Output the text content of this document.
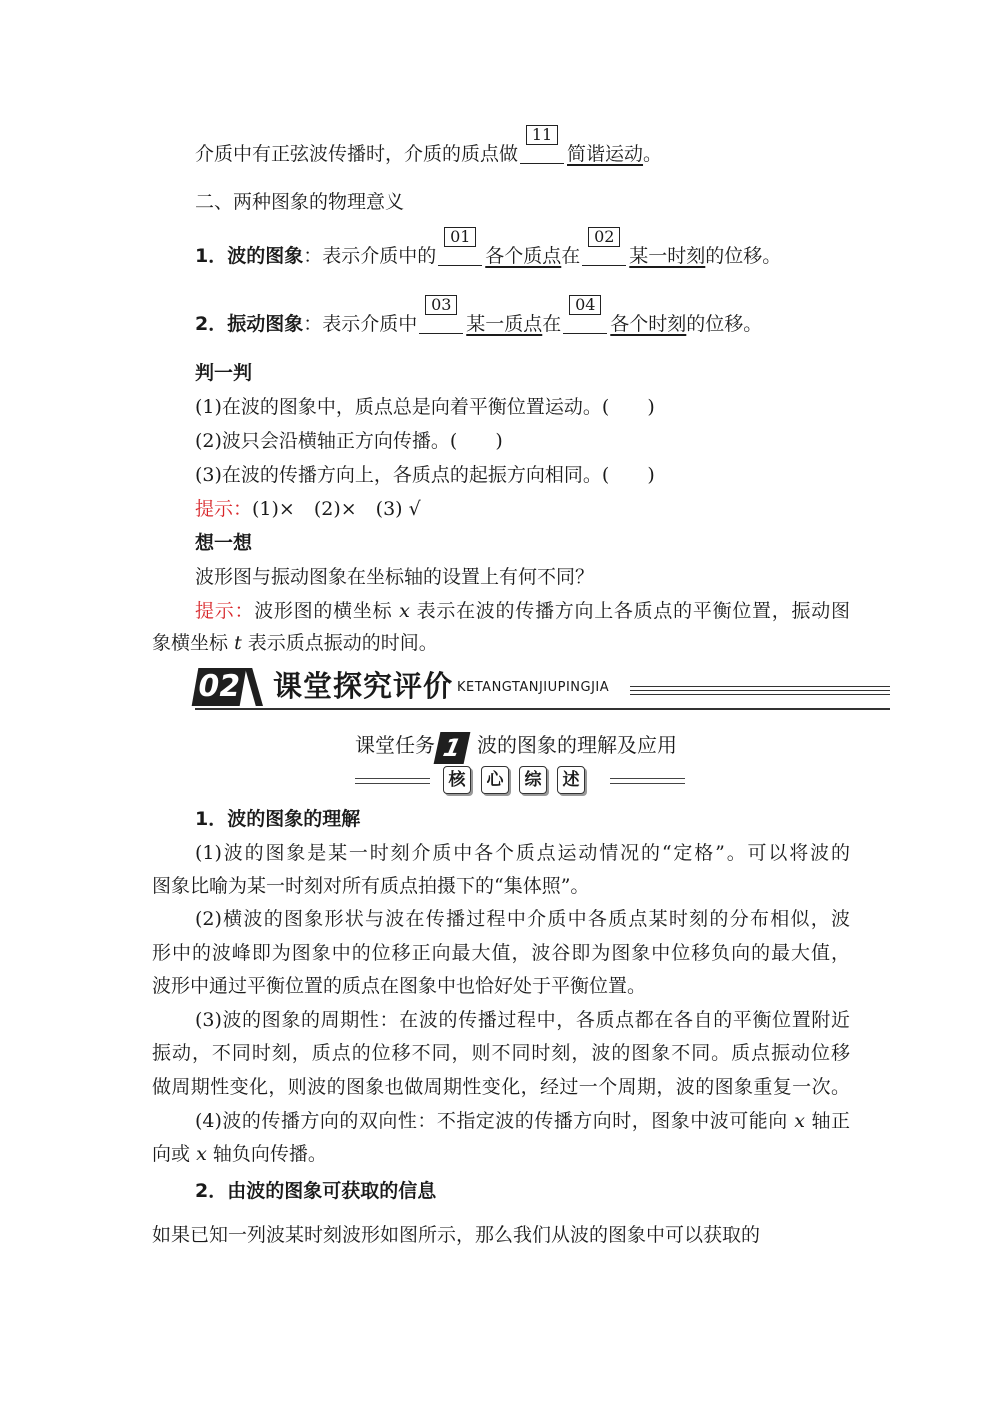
介质中有正弦波传播时，介质的质点做
11
简谐运动。
二、两种图象的物理意义
1．波的图象：表示介质中的
01
各个质点在
02
某一时刻的位移。
2．振动图象：表示介质中
03
某一质点在
04
各个时刻的位移。
判一判
(1)在波的图象中，质点总是向着平衡位置运动。(　　)
(2)波只会沿横轴正方向传播。(　　)
(3)在波的传播方向上，各质点的起振方向相同。(　　)
提示：(1)×　(2)×　(3) √
想一想
波形图与振动图象在坐标轴的设置上有何不同？
提示：波形图的横坐标 x 表示在波的传播方向上各质点的平衡位置，振动图
象横坐标 t 表示质点振动的时间。
02 课堂探究评价 KETANGTANJIUPINGJIA
课堂任务 1 波的图象的理解及应用
核 心 综 述
1．波的图象的理解
(1)波的图象是某一时刻介质中各个质点运动情况的“定格”。可以将波的
图象比喻为某一时刻对所有质点拍摄下的“集体照”。
(2)横波的图象形状与波在传播过程中介质中各质点某时刻的分布相似，波
形中的波峰即为图象中的位移正向最大值，波谷即为图象中位移负向的最大值，
波形中通过平衡位置的质点在图象中也恰好处于平衡位置。
(3)波的图象的周期性：在波的传播过程中，各质点都在各自的平衡位置附近
振动，不同时刻，质点的位移不同，则不同时刻，波的图象不同。质点振动位移
做周期性变化，则波的图象也做周期性变化，经过一个周期，波的图象重复一次。
(4)波的传播方向的双向性：不指定波的传播方向时，图象中波可能向 x 轴正
向或 x 轴负向传播。
2．由波的图象可获取的信息
如果已知一列波某时刻波形如图所示，那么我们从波的图象中可以获取的
